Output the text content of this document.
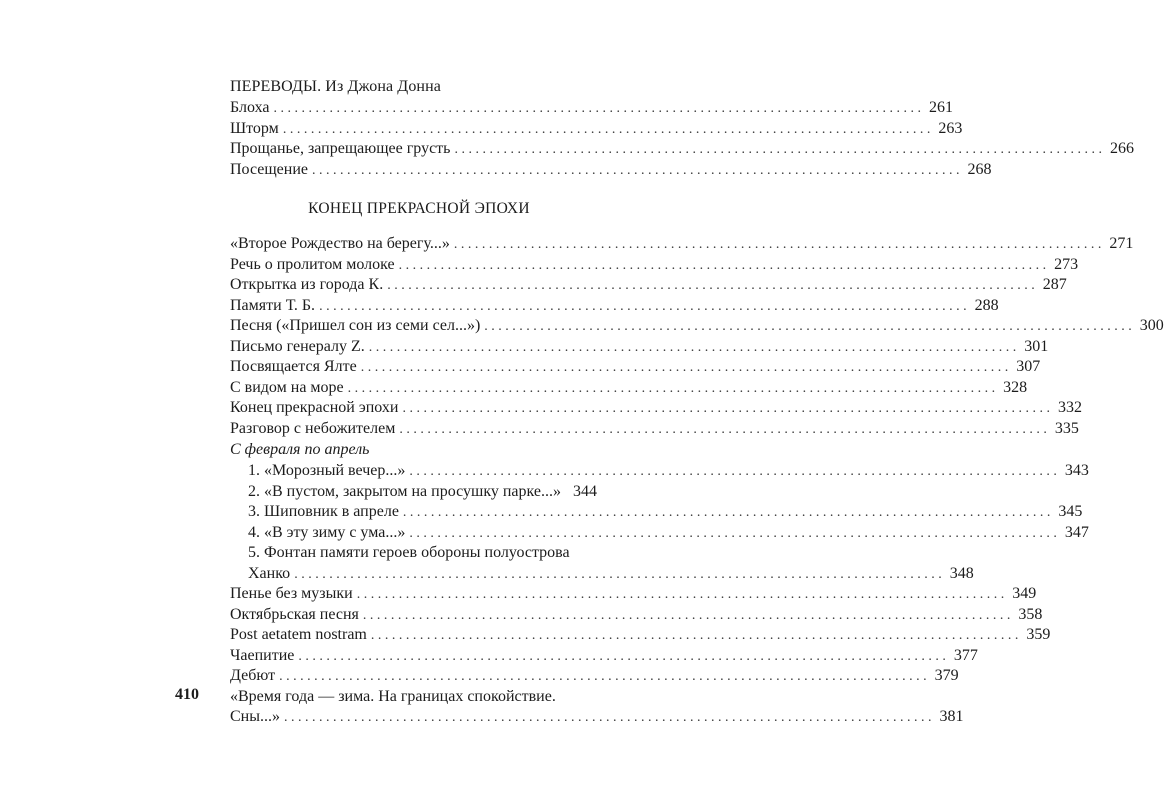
ПЕРЕВОДЫ. Из Джона Донна
Блоха . . .	261
Шторм . . .	263
Прощанье, запрещающее грусть . . .	266
Посещение . . .	268
КОНЕЦ ПРЕКРАСНОЙ ЭПОХИ
«Второе Рождество на берегу...» . . .	271
Речь о пролитом молоке . . .	273
Открытка из города К. . . .	287
Памяти Т. Б. . . .	288
Песня («Пришел сон из семи сел...») . . .	300
Письмо генералу Z. . . .	301
Посвящается Ялте . . .	307
С видом на море . . .	328
Конец прекрасной эпохи . . .	332
Разговор с небожителем . . .	335
С февраля по апрель
1. «Морозный вечер...» . . .	343
2. «В пустом, закрытом на просушку парке...» 344
3. Шиповник в апреле . . .	345
4. «В эту зиму с ума...» . . .	347
5. Фонтан памяти героев обороны полуострова
Ханко . . .	348
Пенье без музыки . . .	349
Октябрьская песня . . .	358
Post aetatem nostram . . .	359
Чаепитие . . .	377
Дебют . . .	379
«Время года — зима. На границах спокойствие.
Сны...» . . .	381
410
